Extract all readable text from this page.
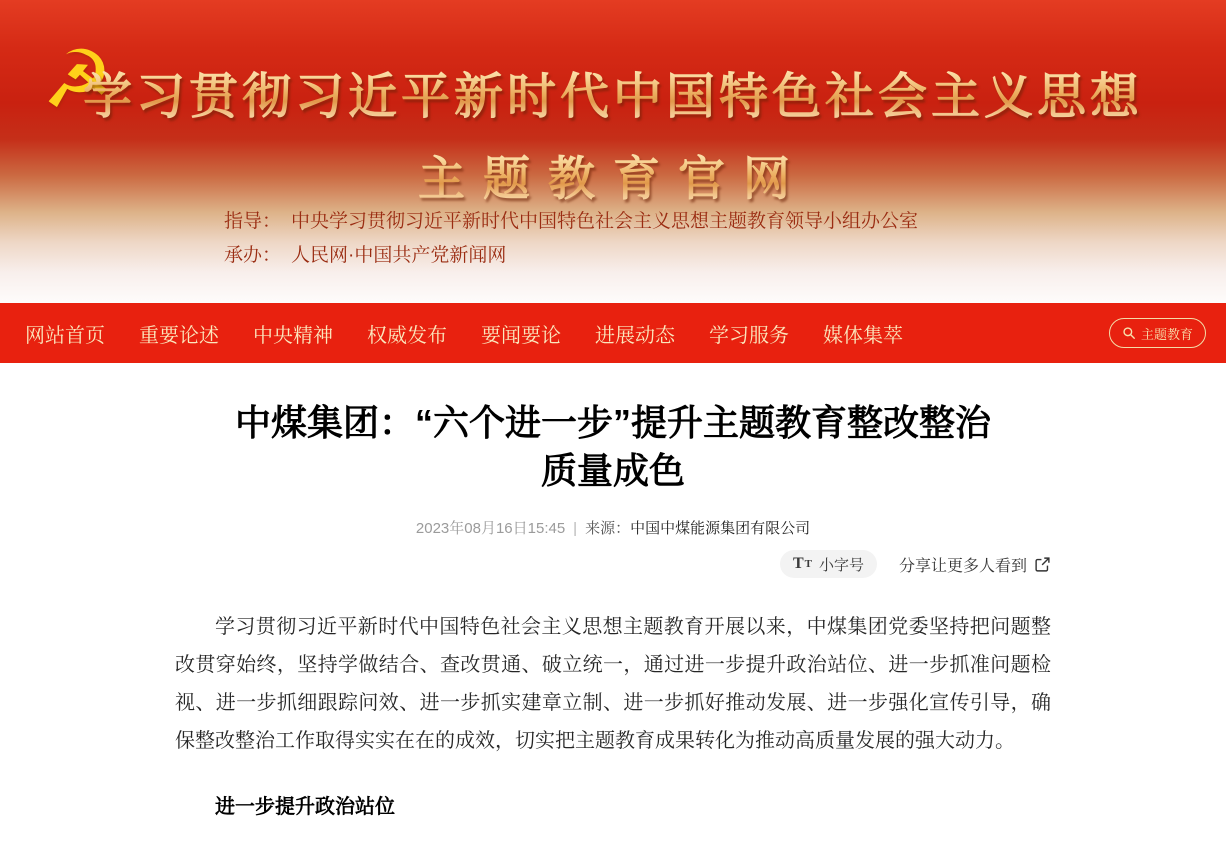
学习贯彻习近平新时代中国特色社会主义思想
主题教育官网
指导： 中央学习贯彻习近平新时代中国特色社会主义思想主题教育领导小组办公室
承办： 人民网·中国共产党新闻网
网站首页 重要论述 中央精神 权威发布 要闻要论 进展动态 学习服务 媒体集萃	主题教育
中煤集团：“六个进一步”提升主题教育整改整治
质量成色
2023年08月16日15:45 | 来源：中国中煤能源集团有限公司
T T 小字号 分享让更多人看到

学习贯彻习近平新时代中国特色社会主义思想主题教育开展以来，中煤集团党委坚持把问题整改贯穿始终，坚持学做结合、查改贯通、破立统一，通过进一步提升政治站位、进一步抓准问题检视、进一步抓细跟踪问效、进一步抓实建章立制、进一步抓好推动发展、进一步强化宣传引导，确保整改整治工作取得实实在在的成效，切实把主题教育成果转化为推动高质量发展的强大动力。

进一步提升政治站位
